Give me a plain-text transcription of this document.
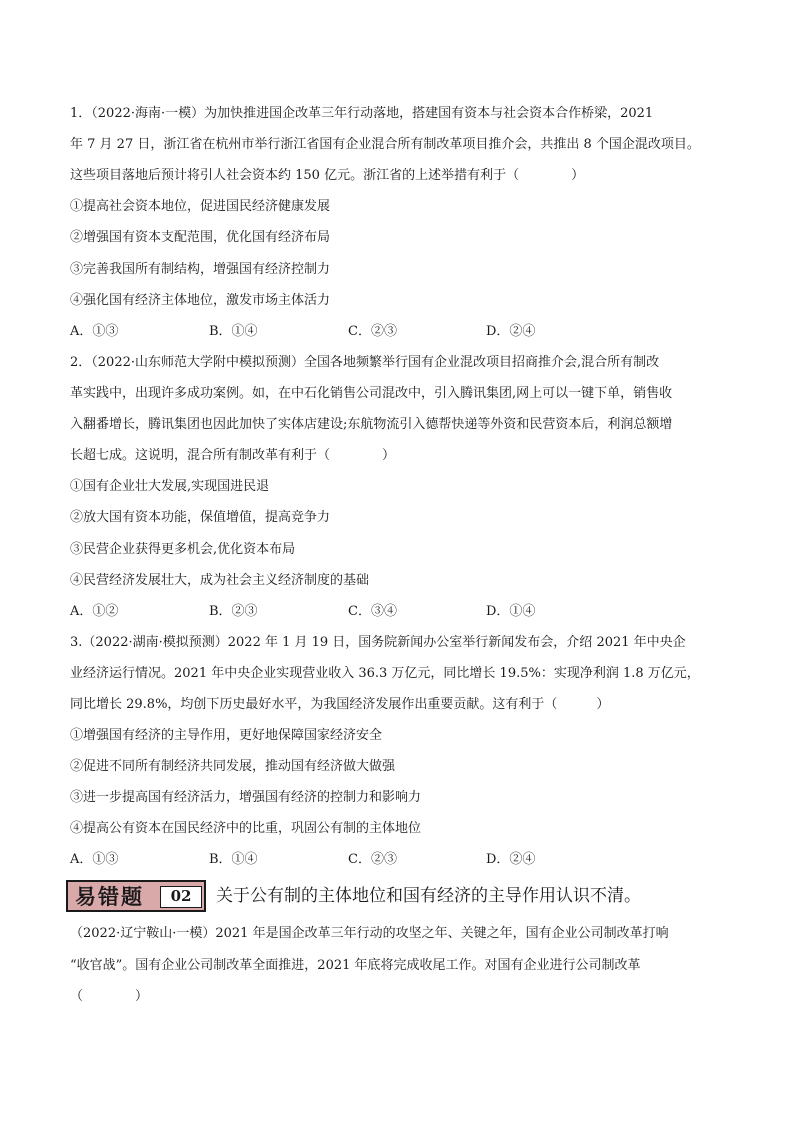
1．（2022·海南·一模）为加快推进国企改革三年行动落地，搭建国有资本与社会资本合作桥梁，2021
年 7 月 27 日，浙江省在杭州市举行浙江省国有企业混合所有制改革项目推介会，共推出 8 个国企混改项目。
这些项目落地后预计将引人社会资本约 150 亿元。浙江省的上述举措有利于（　　　　）
①提高社会资本地位，促进国民经济健康发展
②增强国有资本支配范围，优化国有经济布局
③完善我国所有制结构，增强国有经济控制力
④强化国有经济主体地位，激发市场主体活力
A．①③	B．①④	C．②③	D．②④
2．（2022·山东师范大学附中模拟预测）全国各地频繁举行国有企业混改项目招商推介会,混合所有制改
革实践中，出现许多成功案例。如，在中石化销售公司混改中，引入腾讯集团,网上可以一键下单，销售收
入翻番增长，腾讯集团也因此加快了实体店建设;东航物流引入德帮快递等外资和民营资本后，利润总额增
长超七成。这说明，混合所有制改革有利于（　　　　）
①国有企业壮大发展,实现国进民退
②放大国有资本功能，保值增值，提高竞争力
③民营企业获得更多机会,优化资本布局
④民营经济发展壮大，成为社会主义经济制度的基础
A．①②	B．②③	C．③④	D．①④
3.（2022·湖南·模拟预测）2022 年 1 月 19 日，国务院新闻办公室举行新闻发布会，介绍 2021 年中央企
业经济运行情况。2021 年中央企业实现营业收入 36.3 万亿元，同比增长 19.5%：实现净利润 1.8 万亿元，
同比增长 29.8%，均创下历史最好水平，为我国经济发展作出重要贡献。这有利于（　　　）
①增强国有经济的主导作用，更好地保障国家经济安全
②促进不同所有制经济共同发展，推动国有经济做大做强
③进一步提高国有经济活力，增强国有经济的控制力和影响力
④提高公有资本在国民经济中的比重，巩固公有制的主体地位
A．①③	B．①④	C．②③	D．②④
易错题	02	关于公有制的主体地位和国有经济的主导作用认识不清。
（2022·辽宁鞍山·一模）2021 年是国企改革三年行动的攻坚之年、关键之年，国有企业公司制改革打响
“收官战”。国有企业公司制改革全面推进，2021 年底将完成收尾工作。对国有企业进行公司制改革
（　　　　）
